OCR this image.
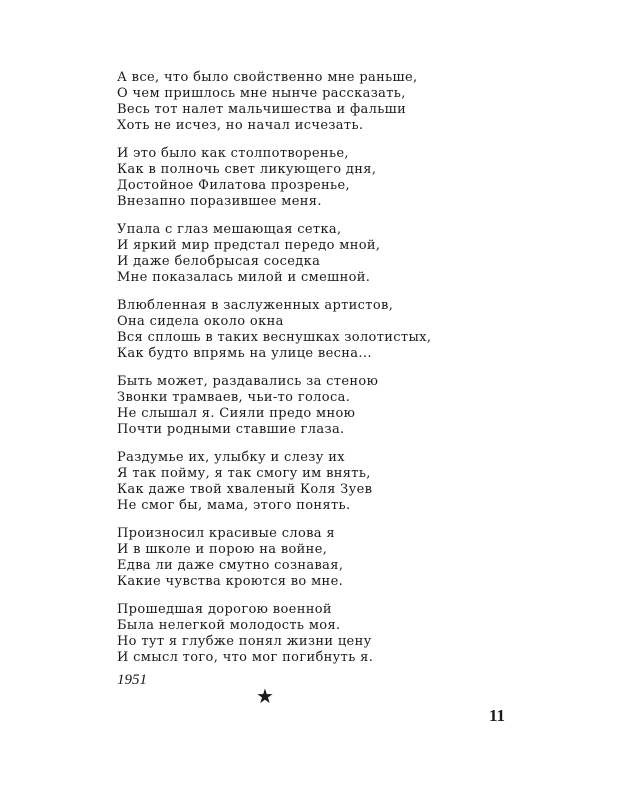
А все, что было свойственно мне раньше,
О чем пришлось мне нынче рассказать,
Весь тот налет мальчишества и фальши
Хоть не исчез, но начал исчезать.
И это было как столпотворенье,
Как в полночь свет ликующего дня,
Достойное Филатова прозренье,
Внезапно поразившее меня.
Упала с глаз мешающая сетка,
И яркий мир предстал передо мной,
И даже белобрысая соседка
Мне показалась милой и смешной.
Влюбленная в заслуженных артистов,
Она сидела около окна
Вся сплошь в таких веснушках золотистых,
Как будто впрямь на улице весна...
Быть может, раздавались за стеною
Звонки трамваев, чьи-то голоса.
Не слышал я. Сияли предо мною
Почти родными ставшие глаза.
Раздумье их, улыбку и слезу их
Я так пойму, я так смогу им внять,
Как даже твой хваленый Коля Зуев
Не смог бы, мама, этого понять.
Произносил красивые слова я
И в школе и порою на войне,
Едва ли даже смутно сознавая,
Какие чувства кроются во мне.
Прошедшая дорогою военной
Была нелегкой молодость моя.
Но тут я глубже понял жизни цену
И смысл того, что мог погибнуть я.
1951
★
11
